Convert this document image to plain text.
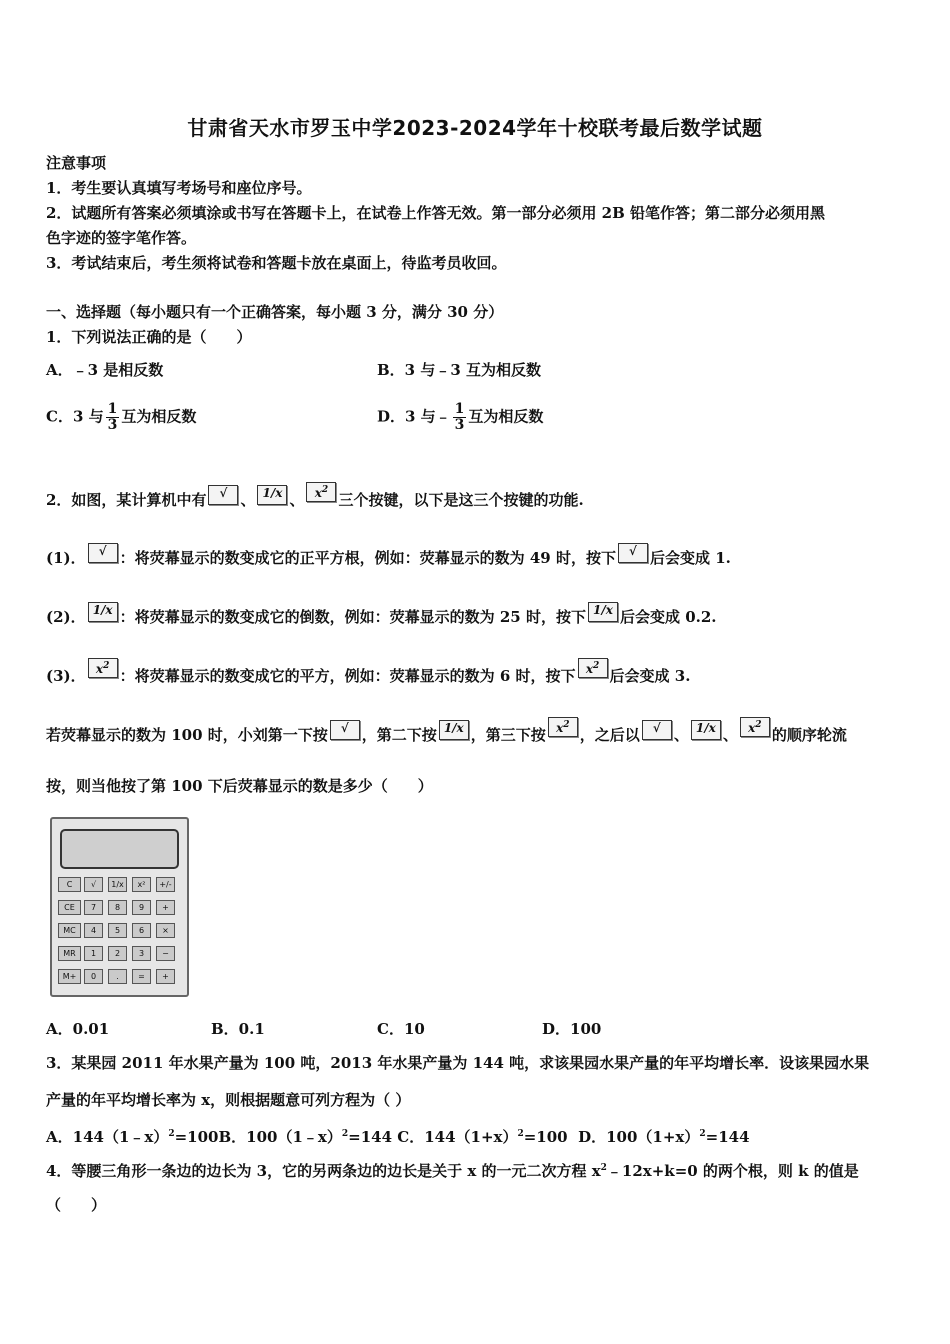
甘肃省天水市罗玉中学2023-2024学年十校联考最后数学试题
注意事项
1．考生要认真填写考场号和座位序号。
2．试题所有答案必须填涂或书写在答题卡上，在试卷上作答无效。第一部分必须用 2B 铅笔作答；第二部分必须用黑
色字迹的签字笔作答。
3．考试结束后，考生须将试卷和答题卡放在桌面上，待监考员收回。
一、选择题（每小题只有一个正确答案，每小题 3 分，满分 30 分）
1．下列说法正确的是（　　）
A．﹣3 是相反数	B．3 与﹣3 互为相反数
C．3 与 $\frac{1}{3}$ 互为相反数	D．3 与﹣ $\frac{1}{3}$ 互为相反数
2．如图，某计算机中有 √ 、 1/x 、 $x^2$三个按键，以下是这三个按键的功能.
(1)． √ ：将荧幕显示的数变成它的正平方根，例如：荧幕显示的数为 49 时，按下 √ 后会变成 1.
(2)． 1/x ：将荧幕显示的数变成它的倒数，例如：荧幕显示的数为 25 时，按下 1/x 后会变成 0.2.
(3)． $x^2$：将荧幕显示的数变成它的平方，例如：荧幕显示的数为 6 时，按下 $x^2$后会变成 3.
若荧幕显示的数为 100 时，小刘第一下按 √ ，第二下按 1/x ，第三下按 $x^2$，之后以 √ 、 1/x 、 $x^2$的顺序轮流
按，则当他按了第 100 下后荧幕显示的数是多少（　　）
C	√	1/x	x²	+/-
CE	7	8	9	+
MC	4	5	6	×
MR	1	2	3	−
M+	0	.	=	+
A．0.01	B．0.1	C．10	D．100
3．某果园 2011 年水果产量为 100 吨，2013 年水果产量为 144 吨，求该果园水果产量的年平均增长率．设该果园水果
产量的年平均增长率为 x，则根据题意可列方程为（ ）
A．144（1﹣x）$^2$=100B．100（1﹣x）$^2$=144 C．$144(1+x)^2=100$ D．$100(1+x)^2=144$
4．等腰三角形一条边的边长为 3，它的另两条边的边长是关于 x 的一元二次方程 $x^2﹣12x+k=0$ 的两个根，则 k 的值是
（　　）
